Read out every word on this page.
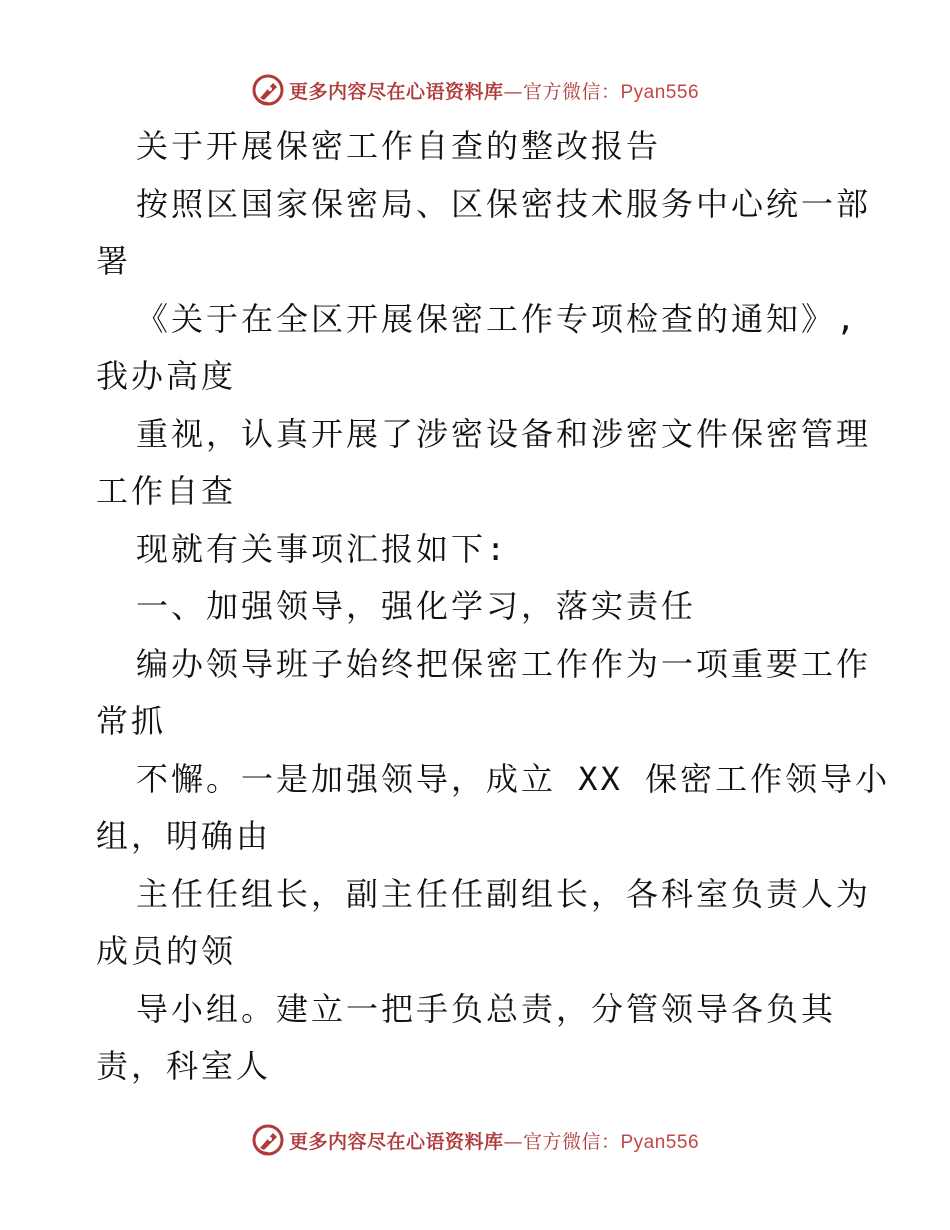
更多内容尽在心语资料库—官方微信：Pyan556

关于开展保密工作自查的整改报告

按照区国家保密局、区保密技术服务中心统一部

署

《关于在全区开展保密工作专项检查的通知》,

我办高度

重视，认真开展了涉密设备和涉密文件保密管理

工作自查

现就有关事项汇报如下:

一、加强领导，强化学习，落实责任

编办领导班子始终把保密工作作为一项重要工作

常抓

不懈。一是加强领导，成立 XX 保密工作领导小

组，明确由

主任任组长，副主任任副组长，各科室负责人为

成员的领

导小组。建立一把手负总责，分管领导各负其

责，科室人

更多内容尽在心语资料库—官方微信：Pyan556
